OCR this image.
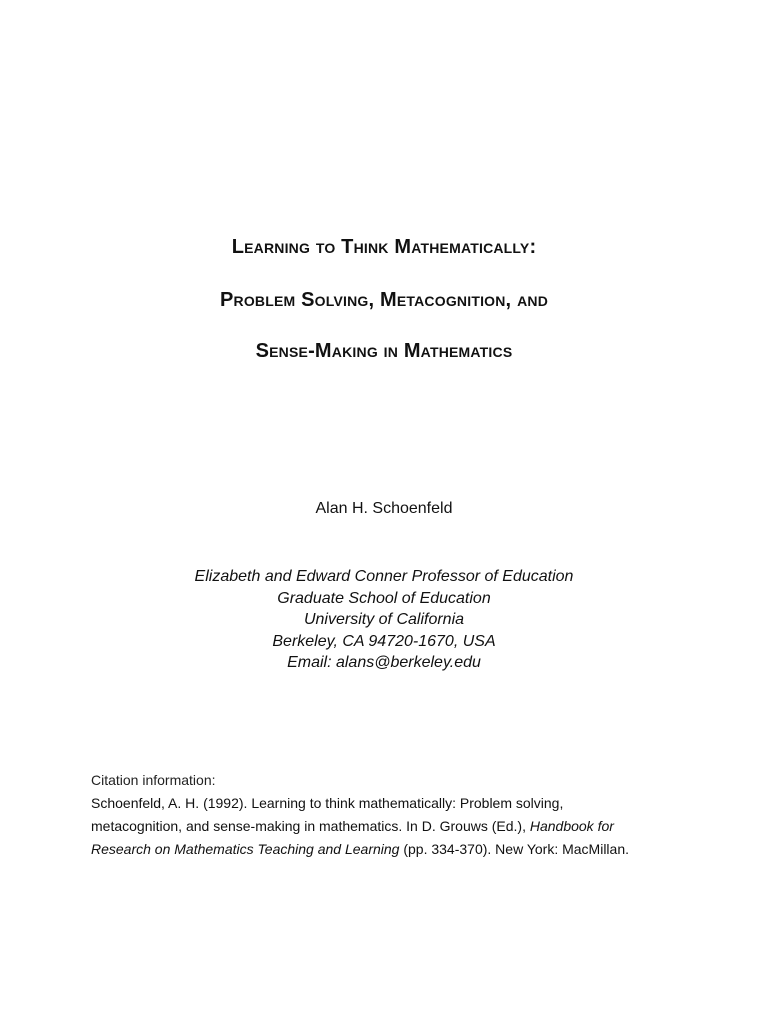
Learning to Think Mathematically:
Problem Solving, Metacognition, and
Sense-Making in Mathematics
Alan H. Schoenfeld
Elizabeth and Edward Conner Professor of Education
Graduate School of Education
University of California
Berkeley, CA 94720-1670, USA
Email: alans@berkeley.edu
Citation information:
Schoenfeld, A. H. (1992). Learning to think mathematically: Problem solving,
metacognition, and sense-making in mathematics. In D. Grouws (Ed.), Handbook for
Research on Mathematics Teaching and Learning (pp. 334-370). New York: MacMillan.
